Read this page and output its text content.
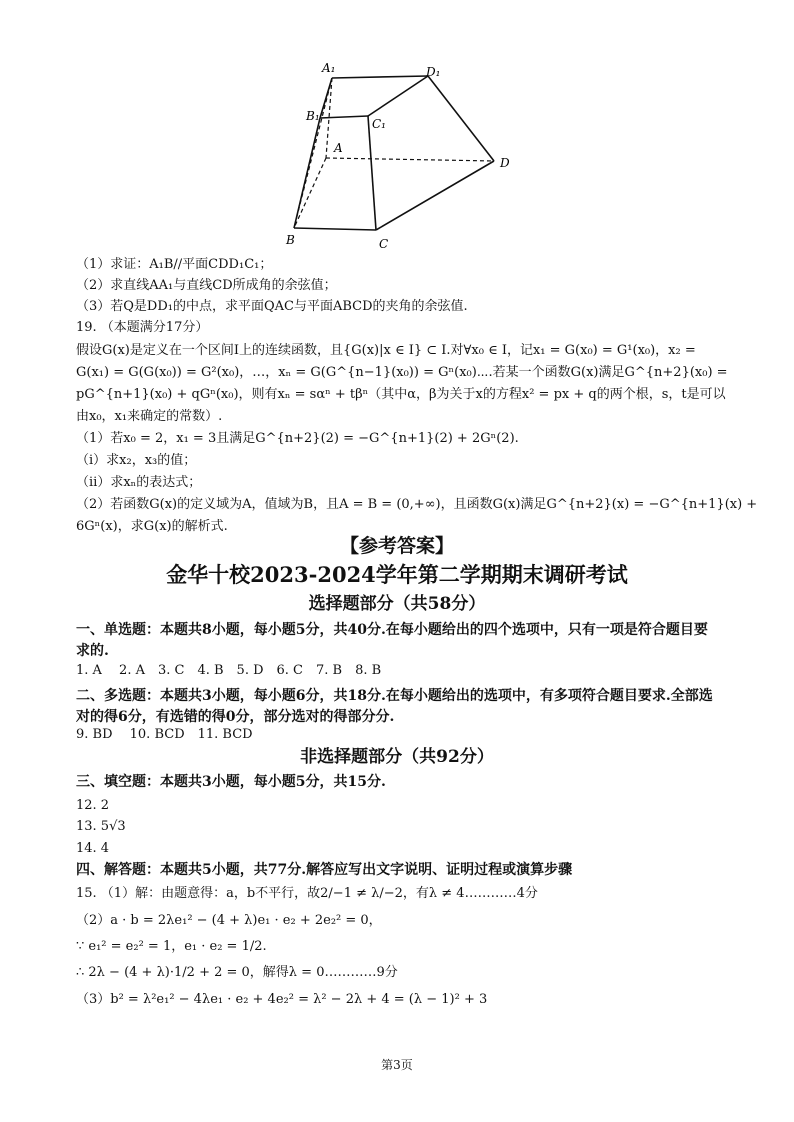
A₁	D₁
B₁
C₁
A
D
B	C
（1）求证：A₁B//平面CDD₁C₁；
（2）求直线AA₁与直线CD所成角的余弦值；
（3）若Q是DD₁的中点，求平面QAC与平面ABCD的夹角的余弦值.
19. （本题满分17分）
假设G(x)是定义在一个区间I上的连续函数，且{G(x)|x ∈ I} ⊂ I.对∀x₀ ∈ I，记x₁ = G(x₀) = G¹(x₀)，x₂ =
G(x₁) = G(G(x₀)) = G²(x₀)，…，xₙ = G(G^{n−1}(x₀)) = Gⁿ(x₀)⋯.若某一个函数G(x)满足G^{n+2}(x₀) =
pG^{n+1}(x₀) + qGⁿ(x₀)，则有xₙ = sαⁿ + tβⁿ（其中α，β为关于x的方程x² = px + q的两个根，s，t是可以
由x₀，x₁来确定的常数）.
（1）若x₀ = 2，x₁ = 3且满足G^{n+2}(2) = −G^{n+1}(2) + 2Gⁿ(2).
（ⅰ）求x₂，x₃的值；
（ⅱ）求xₙ的表达式；
（2）若函数G(x)的定义域为A，值域为B，且A = B = (0,+∞)，且函数G(x)满足G^{n+2}(x) = −G^{n+1}(x) +
6Gⁿ(x)，求G(x)的解析式.
【参考答案】
金华十校2023-2024学年第二学期期末调研考试
选择题部分（共58分）
一、单选题：本题共8小题，每小题5分，共40分.在每小题给出的四个选项中，只有一项是符合题目要求的.
1. A　 2. A　3. C　4. B　5. D　6. C　7. B　8. B
二、多选题：本题共3小题，每小题6分，共18分.在每小题给出的选项中，有多项符合题目要求.全部选对的得6分，有选错的得0分，部分选对的得部分分.
9. BD　 10. BCD　11. BCD
非选择题部分（共92分）
三、填空题：本题共3小题，每小题5分，共15分.
12. 2
13. 5√3
14. 4
四、解答题：本题共5小题，共77分.解答应写出文字说明、证明过程或演算步骤
15. （1）解：由题意得：a，b不平行，故2/−1 ≠ λ/−2，有λ ≠ 4…………4分
（2）a · b = 2λe₁² − (4 + λ)e₁ · e₂ + 2e₂² = 0，
∵ e₁² = e₂² = 1，e₁ · e₂ = 1/2.
∴ 2λ − (4 + λ)·1/2 + 2 = 0，解得λ = 0…………9分
（3）b² = λ²e₁² − 4λe₁ · e₂ + 4e₂² = λ² − 2λ + 4 = (λ − 1)² + 3
第3页
